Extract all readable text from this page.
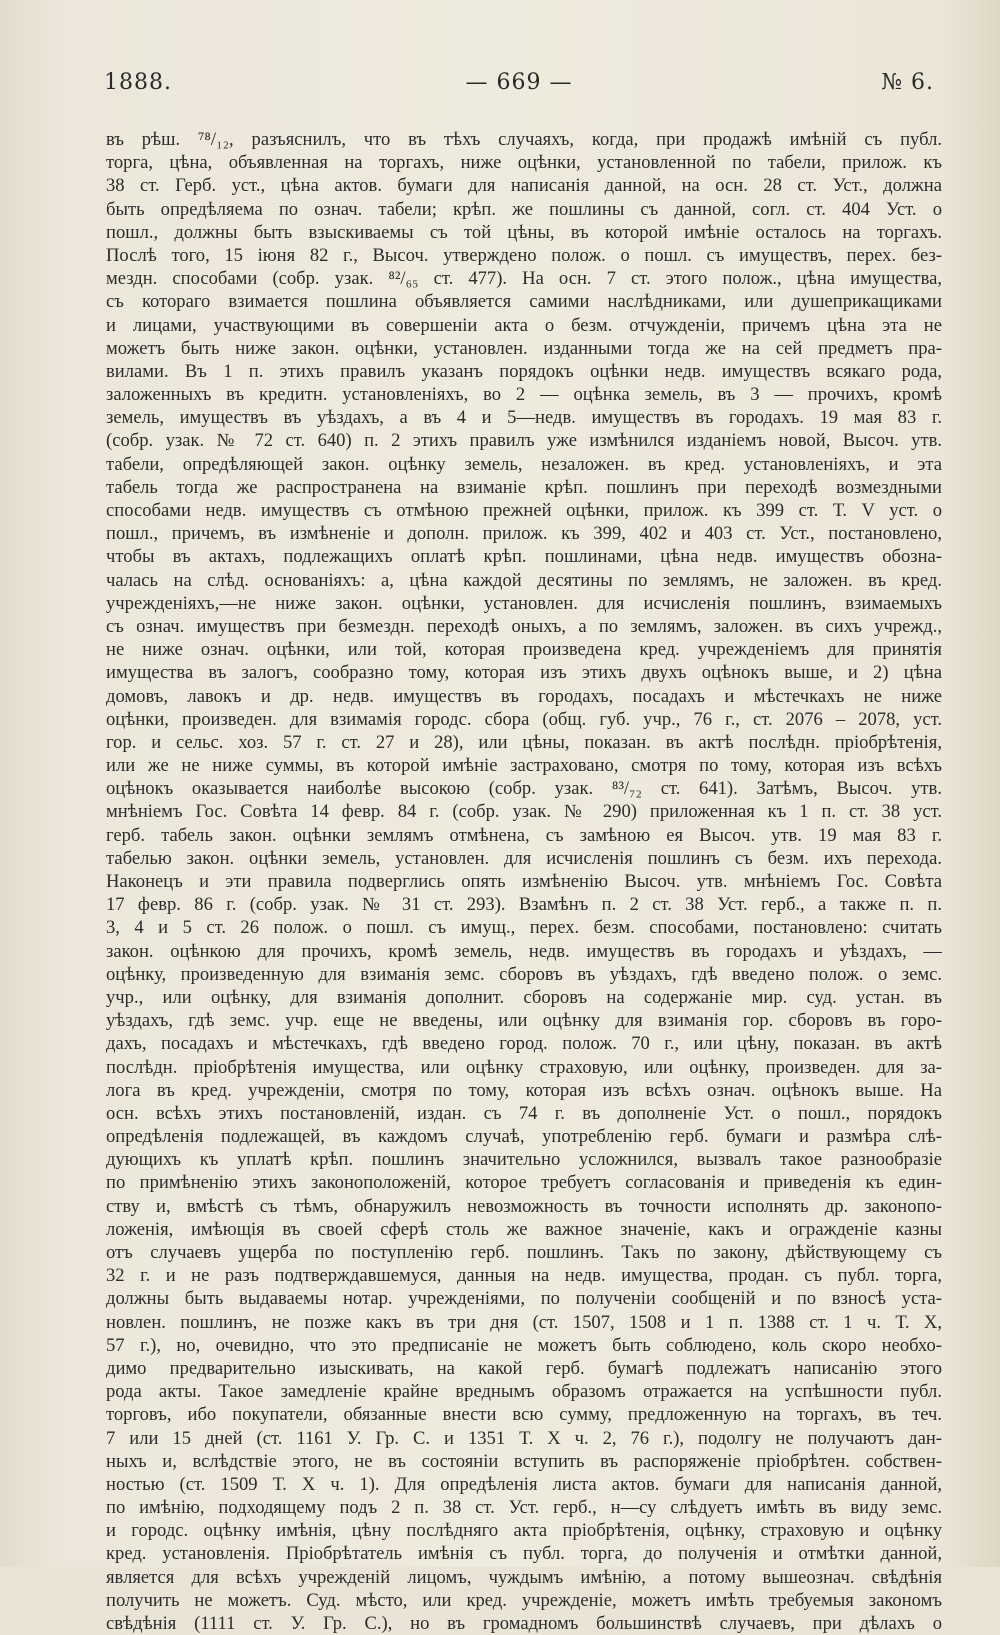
1888.	— 669 —	№ 6.
въ рѣш. ⁷⁸/₁₂, разъяснилъ, что въ тѣхъ случаяхъ, когда, при продажѣ имѣній съ публ.
торга, цѣна, объявленная на торгахъ, ниже оцѣнки, установленной по табели, прилож. къ
38 ст. Герб. уст., цѣна актов. бумаги для написанія данной, на осн. 28 ст. Уст., должна
быть опредѣляема по означ. табели; крѣп. же пошлины съ данной, согл. ст. 404 Уст. о
пошл., должны быть взыскиваемы съ той цѣны, въ которой имѣніе осталось на торгахъ.
Послѣ того, 15 іюня 82 г., Высоч. утверждено полож. о пошл. съ имуществъ, перех. без-
мездн. способами (собр. узак. ⁸²/₆₅ ст. 477). На осн. 7 ст. этого полож., цѣна имущества,
съ котораго взимается пошлина объявляется самими наслѣдниками, или душеприкащиками
и лицами, участвующими въ совершеніи акта о безм. отчужденіи, причемъ цѣна эта не
можетъ быть ниже закон. оцѣнки, установлен. изданными тогда же на сей предметъ пра-
вилами. Въ 1 п. этихъ правилъ указанъ порядокъ оцѣнки недв. имуществъ всякаго рода,
заложенныхъ въ кредитн. установленіяхъ, во 2 — оцѣнка земель, въ 3 — прочихъ, кромѣ
земель, имуществъ въ уѣздахъ, а въ 4 и 5—недв. имуществъ въ городахъ. 19 мая 83 г.
(собр. узак. № 72 ст. 640) п. 2 этихъ правилъ уже измѣнился изданіемъ новой, Высоч. утв.
табели, опредѣляющей закон. оцѣнку земель, незаложен. въ кред. установленіяхъ, и эта
табель тогда же распространена на взиманіе крѣп. пошлинъ при переходѣ возмездными
способами недв. имуществъ съ отмѣною прежней оцѣнки, прилож. къ 399 ст. Т. V уст. о
пошл., причемъ, въ измѣненіе и дополн. прилож. къ 399, 402 и 403 ст. Уст., постановлено,
чтобы въ актахъ, подлежащихъ оплатѣ крѣп. пошлинами, цѣна недв. имуществъ обозна-
чалась на слѣд. основаніяхъ: а, цѣна каждой десятины по землямъ, не заложен. въ кред.
учрежденіяхъ,—не ниже закон. оцѣнки, установлен. для исчисленія пошлинъ, взимаемыхъ
съ означ. имуществъ при безмездн. переходѣ оныхъ, а по землямъ, заложен. въ сихъ учрежд.,
не ниже означ. оцѣнки, или той, которая произведена кред. учрежденіемъ для принятія
имущества въ залогъ, сообразно тому, которая изъ этихъ двухъ оцѣнокъ выше, и 2) цѣна
домовъ, лавокъ и др. недв. имуществъ въ городахъ, посадахъ и мѣстечкахъ не ниже
оцѣнки, произведен. для взимамія городс. сбора (общ. губ. учр., 76 г., ст. 2076 – 2078, уст.
гор. и сельс. хоз. 57 г. ст. 27 и 28), или цѣны, показан. въ актѣ послѣдн. пріобрѣтенія,
или же не ниже суммы, въ которой имѣніе застраховано, смотря по тому, которая изъ всѣхъ
оцѣнокъ оказывается наиболѣе высокою (собр. узак. ⁸³/₇₂ ст. 641). Затѣмъ, Высоч. утв.
мнѣніемъ Гос. Совѣта 14 февр. 84 г. (собр. узак. № 290) приложенная къ 1 п. ст. 38 уст.
герб. табель закон. оцѣнки землямъ отмѣнена, съ замѣною ея Высоч. утв. 19 мая 83 г.
табелью закон. оцѣнки земель, установлен. для исчисленія пошлинъ съ безм. ихъ перехода.
Наконецъ и эти правила подверглись опять измѣненію Высоч. утв. мнѣніемъ Гос. Совѣта
17 февр. 86 г. (собр. узак. № 31 ст. 293). Взамѣнъ п. 2 ст. 38 Уст. герб., а также п. п.
3, 4 и 5 ст. 26 полож. о пошл. съ имущ., перех. безм. способами, постановлено: считать
закон. оцѣнкою для прочихъ, кромѣ земель, недв. имуществъ въ городахъ и уѣздахъ, —
оцѣнку, произведенную для взиманія земс. сборовъ въ уѣздахъ, гдѣ введено полож. о земс.
учр., или оцѣнку, для взиманія дополнит. сборовъ на содержаніе мир. суд. устан. въ
уѣздахъ, гдѣ земс. учр. еще не введены, или оцѣнку для взиманія гор. сборовъ въ горо-
дахъ, посадахъ и мѣстечкахъ, гдѣ введено город. полож. 70 г., или цѣну, показан. въ актѣ
послѣдн. пріобрѣтенія имущества, или оцѣнку страховую, или оцѣнку, произведен. для за-
лога въ кред. учрежденіи, смотря по тому, которая изъ всѣхъ означ. оцѣнокъ выше. На
осн. всѣхъ этихъ постановленій, издан. съ 74 г. въ дополненіе Уст. о пошл., порядокъ
опредѣленія подлежащей, въ каждомъ случаѣ, употребленію герб. бумаги и размѣра слѣ-
дующихъ къ уплатѣ крѣп. пошлинъ значительно усложнился, вызвалъ такое разнообразіе
по примѣненію этихъ законоположеній, которое требуетъ согласованія и приведенія къ един-
ству и, вмѣстѣ съ тѣмъ, обнаружилъ невозможность въ точности исполнять др. законопо-
ложенія, имѣющія въ своей сферѣ столь же важное значеніе, какъ и огражденіе казны
отъ случаевъ ущерба по поступленію герб. пошлинъ. Такъ по закону, дѣйствующему съ
32 г. и не разъ подтверждавшемуся, данныя на недв. имущества, продан. съ публ. торга,
должны быть выдаваемы нотар. учрежденіями, по полученіи сообщеній и по взносѣ уста-
новлен. пошлинъ, не позже какъ въ три дня (ст. 1507, 1508 и 1 п. 1388 ст. 1 ч. Т. X,
57 г.), но, очевидно, что это предписаніе не можетъ быть соблюдено, коль скоро необхо-
димо предварительно изыскивать, на какой герб. бумагѣ подлежатъ написанію этого
рода акты. Такое замедленіе крайне вреднымъ образомъ отражается на успѣшности публ.
торговъ, ибо покупатели, обязанные внести всю сумму, предложенную на торгахъ, въ теч.
7 или 15 дней (ст. 1161 У. Гр. С. и 1351 Т. X ч. 2, 76 г.), подолгу не получаютъ дан-
ныхъ и, вслѣдствіе этого, не въ состояніи вступить въ распоряженіе пріобрѣтен. собствен-
ностью (ст. 1509 Т. X ч. 1). Для опредѣленія листа актов. бумаги для написанія данной,
по имѣнію, подходящему подъ 2 п. 38 ст. Уст. герб., н—су слѣдуетъ имѣть въ виду земс.
и городс. оцѣнку имѣнія, цѣну послѣдняго акта пріобрѣтенія, оцѣнку, страховую и оцѣнку
кред. установленія. Пріобрѣтатель имѣнія съ публ. торга, до полученія и отмѣтки данной,
является для всѣхъ учрежденій лицомъ, чуждымъ имѣнію, а потому вышеознач. свѣдѣнія
получить не можетъ. Суд. мѣсто, или кред. учрежденіе, можетъ имѣть требуемыя закономъ
свѣдѣнія (1111 ст. У. Гр. С.), но въ громадномъ большинствѣ случаевъ, при дѣлахъ о
